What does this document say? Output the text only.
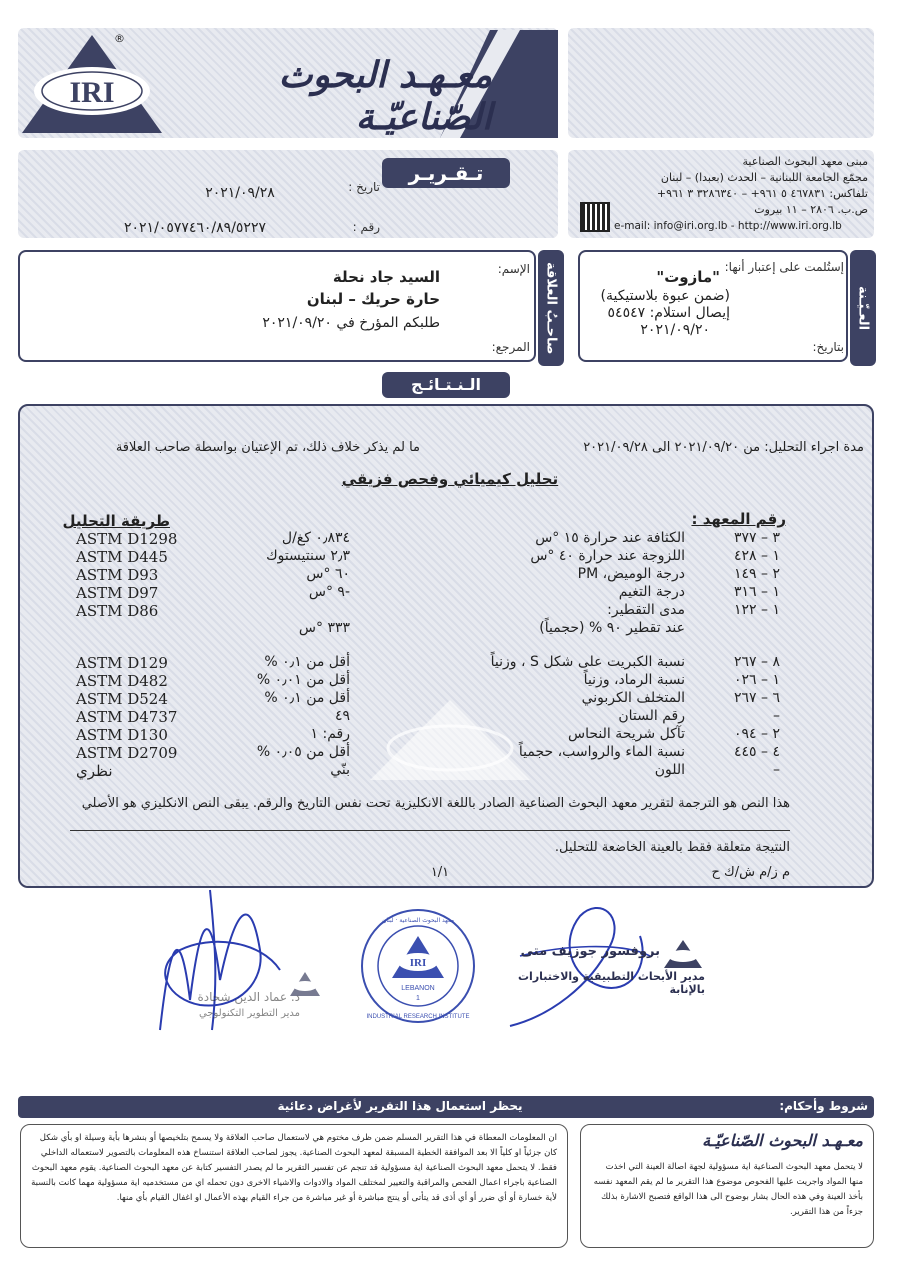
IRI
®
معـهـد البحوث الصّناعيّـة
تـقـريـر
تاريخ :
٢٠٢١/٠٩/٢٨
رقم :
٢٠٢١/٠٥٧٧٤٦٠/٨٩/٥٢٢٧
مبنى معهد البحوث الصناعية
مجمّع الجامعة اللبنانية – الحدث (بعبدا) – لبنان
تلفاكس: ٤٦٧٨٣١ ٥ ٩٦١+ – ٣٢٨٦٣٤٠ ٣ ٩٦١+
ص.ب. ٢٨٠٦ – ١١ بيروت
e-mail: info@iri.org.lb - http://www.iri.org.lb
الإسم:
السيد جاد نحلة
حارة حريك – لبنان
طلبكم المؤرخ في ٢٠٢١/٠٩/٢٠
المرجع:	صاحـبُ العلاقة	إستُلمت على إعتبار أنها:
"مازوت"
(ضمن عبوة بلاستيكية)
إيصال استلام: ٥٤٥٤٧
٢٠٢١/٠٩/٢٠
بتاريخ:
العـيّـنة
الـنـتـائـج
مدة اجراء التحليل: من ٢٠٢١/٠٩/٢٠ الى ٢٠٢١/٠٩/٢٨
ما لم يذكر خلاف ذلك، تم الإعتيان بواسطة صاحب العلاقة
تحليل كيميائي وفحص فزيقي
رقم المعهد :
طريقة التحليل
٣ – ٣٧٧
الكثافة عند حرارة ١٥ °س
٠٫٨٣٤ كغ/ل
ASTM D1298
١ – ٤٢٨
اللزوجة عند حرارة ٤٠ °س
٢٫٣ سنتيستوك
ASTM D445
٢ – ١٤٩
درجة الوميض، PM
٦٠ °س
ASTM D93
١ – ٣١٦
درجة التغيم
-٩ °س
ASTM D97
١ – ١٢٢
مدى التقطير:
ASTM D86
عند تقطير ٩٠ % (حجمياً)
٣٣٣ °س
٨ – ٢٦٧
نسبة الكبريت على شكل S ، وزنياً
أقل من ٠٫١ %
ASTM D129
١ – ٠٢٦
نسبة الرماد، وزنياً
أقل من ٠٫٠١ %
ASTM D482
٦ – ٢٦٧
المتخلف الكربوني
أقل من ٠٫١ %
ASTM D524
–
رقم الستان
٤٩
ASTM D4737
٢ – ٠٩٤
تآكل شريحة النحاس
رقم: ١
ASTM D130
٤ – ٤٤٥
نسبة الماء والرواسب، حجمياً
أقل من ٠٫٠٥ %
ASTM D2709
–
اللون
بنّي
نظري
هذا النص هو الترجمة لتقرير معهد البحوث الصناعية الصادر باللغة الانكليزية تحت نفس التاريخ والرقم. يبقى النص الانكليزي هو الأصلي
النتيجة متعلقة فقط بالعينة الخاضعة للتحليل.
م ز/م ش/ك ح
١/١
د. عماد الدين شحادة
مدير التطوير التكنولوجي
IRI
LEBANON
1
INDUSTRIAL RESEARCH INSTITUTE
معهد البحوث الصناعية · لبنان
بروفسور جوزيف متى
مدير الأبحاث التطبيقية والاختبارات بالإنابة
شروط وأحكام:
يحظر استعمال هذا التقرير لأغراض دعائية
ان المعلومات المعطاة في هذا التقرير المسلم ضمن ظرف مختوم هي لاستعمال صاحب العلاقة ولا يسمح بتلخيصها أو بنشرها بأية وسيلة او بأي شكل كان جزئياً او كلياً الا بعد الموافقة الخطية المسبقة لمعهد البحوث الصناعية. يجوز لصاحب العلاقة استنساخ هذه المعلومات بالتصوير لاستعماله الداخلي فقط. لا يتحمل معهد البحوث الصناعية اية مسؤولية قد تنجم عن تفسير التقرير ما لم يصدر التفسير كتابة عن معهد البحوث الصناعية. يقوم معهد البحوث الصناعية باجراء اعمال الفحص والمراقبة والتعيير لمختلف المواد والادوات والاشياء الاخرى دون تحمله اي من مستخدميه اية مسؤولية مهما كانت بالنسبة لأية خسارة أو أي ضرر أو أي أذى قد يتأتى أو ينتج مباشرة أو غير مباشرة من جراء القيام بهذه الأعمال او اغفال القيام بأي منها.
معـهـد البحوث الصّناعيّـة
لا يتحمل معهد البحوث الصناعية اية مسؤولية لجهة اصالة العينة التي اخذت منها المواد واجريت عليها الفحوص موضوع هذا التقرير ما لم يقم المعهد نفسه بأخذ العينة وفي هذه الحال يشار بوضوح الى هذا الواقع فتصبح الاشارة بذلك جزءاً من هذا التقرير.
